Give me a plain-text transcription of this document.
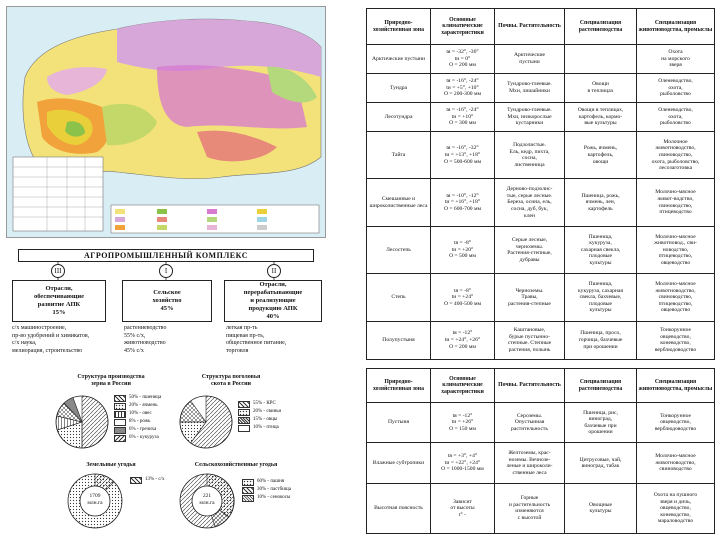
АГРОПРОМЫШЛЕННЫЙ КОМПЛЕКС
III	I	II
Отрасли,
обеспечивающие
развитие АПК
15%
Сельское
хозяйство
45%
Отрасли,
перерабатывающие
и реализующие
продукцию АПК
40%
с/х машиностроение,
пр-во удобрений и химикатов,
с/х наука,
мелиорация, строительство
растениеводство
55% с/х,
животноводство
45% с/х
легкая пр-ть
пищевая пр-ть,
общественное питание,
торговля
Структура производства
зерна в России
50% - пшеница
20% - ячмень
10% - овес
8% - рожь
6% - гречиха
6% - кукуруза
Структура поголовья
скота в России
55% - КРС
20% - свиньи
15% - овцы
10% - птица
Земельные угодья
1709
млн.га
13% - с/х
Сельскохозяйственные угодья
221
млн.га
60% - пашня
30% - пастбища
10% - сенокосы
Природно-хозяйственная зона	Основные климатические характеристики	Почвы. Растительность	Специализация растениеводства	Специализация животноводства, промыслы
Арктические пустыни	tя = -32°, -36°
tи = 0°
О = 200 мм	Арктические
пустыни		Охота
на морского
зверя

Тундра	tя = -16°, -24°
tи = +5°, +10°
О = 200-300 мм	Тундрово-глеевые.
Мхи, лишайники	Овощи
в теплицах	Оленеводство,
охота,
рыболовство

Лесотундра	tя = -16°, -24°
tи = +10°
О = 300 мм	Тундрово-глеевые.
Мхи, низкорослые
кустарники	Овощи в теплицах,
картофель, кормо-
вые культуры	Оленеводство,
охота,
рыболовство

Тайга	tя = -16°, -32°
tи = +13°, +18°
О = 500-600 мм	Подзолистые.
Ель, кедр, пихта,
сосна,
лиственница	Рожь, ячмень,
картофель,
овощи	Молочное
животноводство,
свиноводство,
охота, рыболовство,
лесозаготовка

Смешанные и широколиственные леса	tя = -10°, -12°
tи = +16°, +18°
О = 600-700 мм	Дерново-подзолис-
тые, серые лесные.
Береза, осина, ель,
сосна, дуб, бук,
клен	Пшеница, рожь,
ячмень, лен,
картофель	Молочно-мясное
живот-водство,
свиноводство,
птицеводство

Лесостепь	tя = -8°
tи = +20°
О = 500 мм	Серые лесные,
черноземы.
Растения-степные,
дубравы	Пшеница,
кукуруза,
сахарная свекла,
плодовые
культуры	Молочно-мясное
животновод., сви-
новодство,
птицеводство,
овцеводство

Степь	tя = -8°
tи = +24°
О = 400-500 мм	Черноземы.
Травы,
растения-степные	Пшеница,
кукуруза, сахарная
свекла, бахчевые,
плодовые
культуры	Молочно-мясное
животноводство,
свиноводство,
птицеводство,
овцеводство

Полупустыня	tя = -12°
tи = +24°, +26°
О = 200 мм	Каштановые,
бурые пустынно-
степные. Степные
растения, полынь	Пшеница, просо,
горчица, бахчевые
при орошении	Тонкорунное
овцеводство,
коневодство,
верблюдоводство
Природно-хозяйственная зона	Основные климатические характеристики	Почвы. Растительность	Специализация растениеводства	Специализация животноводства, промыслы
Пустыня	tя = -12°
tи = +26°
О = 150 мм	Сероземы.
Опустынная
растительность	Пшеница, рис,
виноград,
бахчевые при
орошении	Тонкорунное
овцеводство,
верблюдоводство

Влажные субтропики	tя = +3°, +4°
tи = +22°, +24°
О = 1000-1500 мм	Желтоземы, крас-
ноземы. Вечнозе-
леные и широколи-
ственные леса	Цитрусовые, чай,
виноград, табак	Молочно-мясное
животноводство,
свиноводство

Высотная поясность	Зависит
от высоты
t° -	Горные
и растительность
изменяются
с высотой	Овощные
культуры	Охота на пушного
зверя и дичь,
овцеводство,
коневодство,
мараловодство
